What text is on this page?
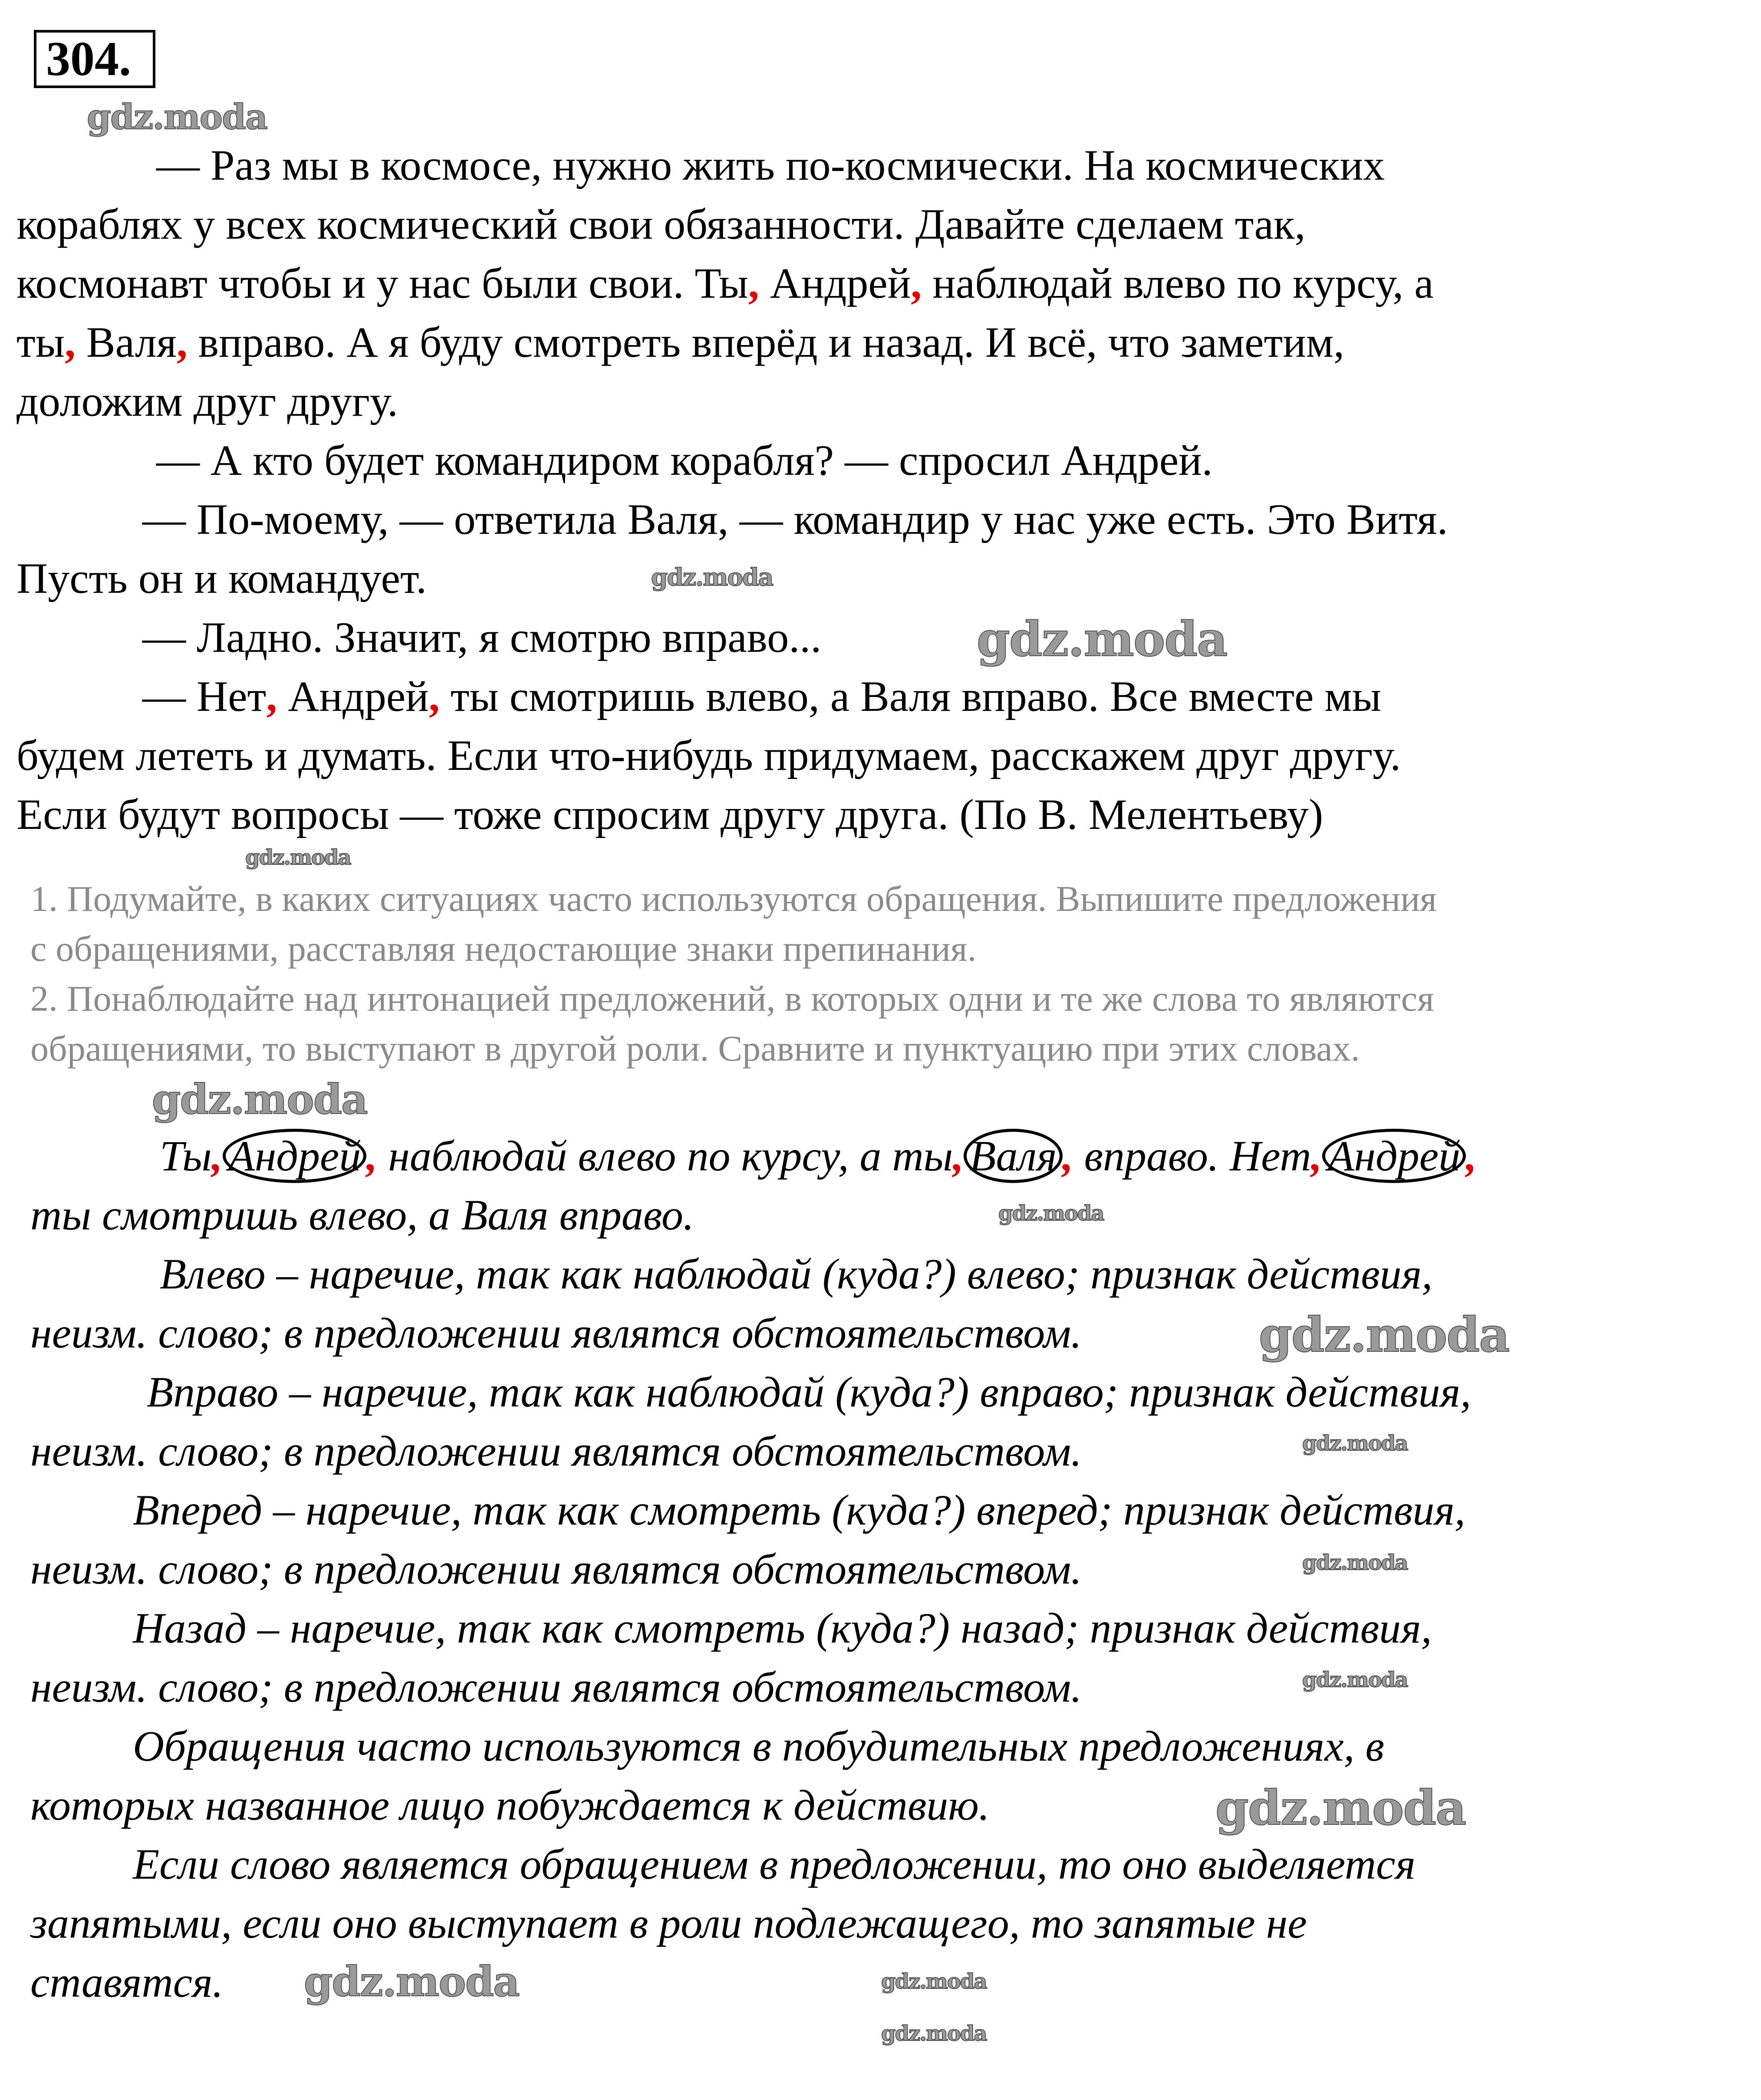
304.
— Раз мы в космосе, нужно жить по-космически. На космических
кораблях у всех космический свои обязанности. Давайте сделаем так,
космонавт чтобы и у нас были свои. Ты, Андрей, наблюдай влево по курсу, а
ты, Валя, вправо. А я буду смотреть вперёд и назад. И всё, что заметим,
доложим друг другу.
— А кто будет командиром корабля? — спросил Андрей.
— По-моему, — ответила Валя, — командир у нас уже есть. Это Витя.
Пусть он и командует.
— Ладно. Значит, я смотрю вправо...
— Нет, Андрей, ты смотришь влево, а Валя вправо. Все вместе мы
будем лететь и думать. Если что-нибудь придумаем, расскажем друг другу.
Если будут вопросы — тоже спросим другу друга. (По В. Мелентьеву)
1. Подумайте, в каких ситуациях часто используются обращения. Выпишите предложения
с обращениями, расставляя недостающие знаки препинания.
2. Понаблюдайте над интонацией предложений, в которых одни и те же слова то являются
обращениями, то выступают в другой роли. Сравните и пунктуацию при этих словах.
Ты, Андрей , наблюдай влево по курсу, а ты, Валя , вправо. Нет, Андрей ,
ты смотришь влево, а Валя вправо.
Влево – наречие, так как наблюдай (куда?) влево; признак действия,
неизм. слово; в предложении являтся обстоятельством.
Вправо – наречие, так как наблюдай (куда?) вправо; признак действия,
неизм. слово; в предложении являтся обстоятельством.
Вперед – наречие, так как смотреть (куда?) вперед; признак действия,
неизм. слово; в предложении являтся обстоятельством.
Назад – наречие, так как смотреть (куда?) назад; признак действия,
неизм. слово; в предложении являтся обстоятельством.
Обращения часто используются в побудительных предложениях, в
которых названное лицо побуждается к действию.
Если слово является обращением в предложении, то оно выделяется
запятыми, если оно выступает в роли подлежащего, то запятые не
ставятся.
gdz.moda
gdz.moda
gdz.moda
gdz.moda
gdz.moda
gdz.moda
gdz.moda
gdz.moda
gdz.moda
gdz.moda
gdz.moda
gdz.moda
gdz.moda	gdz.moda
